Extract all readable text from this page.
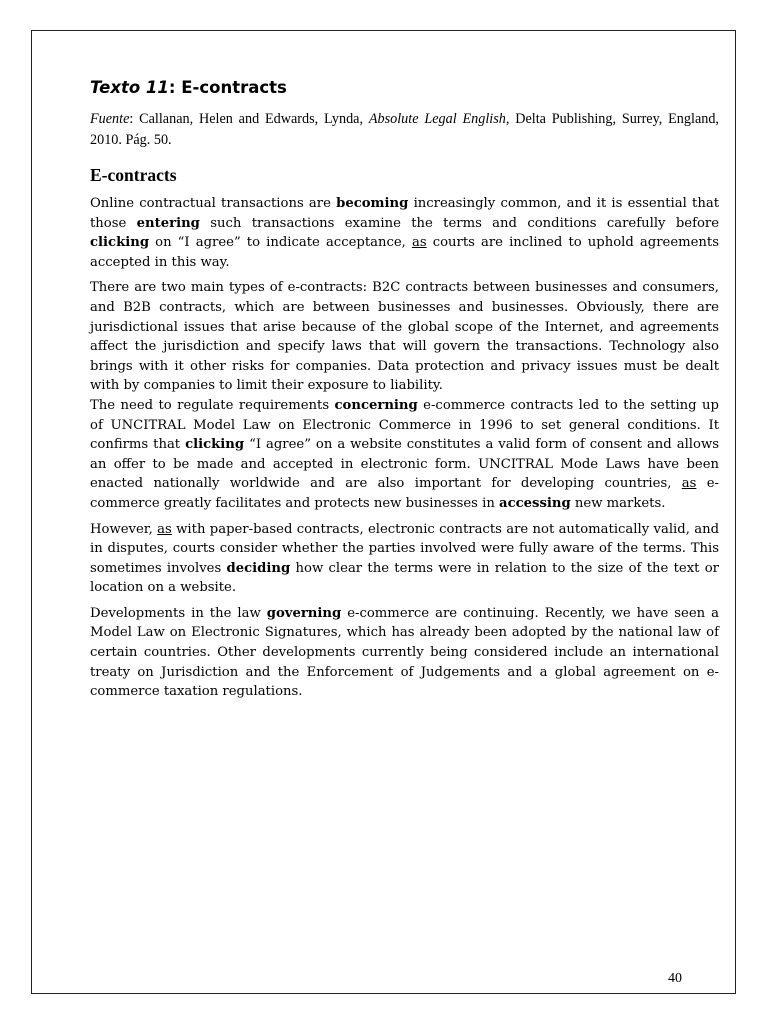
Texto 11: E-contracts
Fuente: Callanan, Helen and Edwards, Lynda, Absolute Legal English, Delta Publishing, Surrey, England, 2010. Pág. 50.
E-contracts

Online contractual transactions are becoming increasingly common, and it is essential that those entering such transactions examine the terms and conditions carefully before clicking on “I agree” to indicate acceptance, as courts are inclined to uphold agreements accepted in this way.

There are two main types of e-contracts: B2C contracts between businesses and consumers, and B2B contracts, which are between businesses and businesses. Obviously, there are jurisdictional issues that arise because of the global scope of the Internet, and agreements affect the jurisdiction and specify laws that will govern the transactions. Technology also brings with it other risks for companies. Data protection and privacy issues must be dealt with by companies to limit their exposure to liability.

The need to regulate requirements concerning e-commerce contracts led to the setting up of UNCITRAL Model Law on Electronic Commerce in 1996 to set general conditions. It confirms that clicking “I agree” on a website constitutes a valid form of consent and allows an offer to be made and accepted in electronic form. UNCITRAL Mode Laws have been enacted nationally worldwide and are also important for developing countries, as e-commerce greatly facilitates and protects new businesses in accessing new markets.

However, as with paper-based contracts, electronic contracts are not automatically valid, and in disputes, courts consider whether the parties involved were fully aware of the terms. This sometimes involves deciding how clear the terms were in relation to the size of the text or location on a website.

Developments in the law governing e-commerce are continuing. Recently, we have seen a Model Law on Electronic Signatures, which has already been adopted by the national law of certain countries. Other developments currently being considered include an international treaty on Jurisdiction and the Enforcement of Judgements and a global agreement on e-commerce taxation regulations.

40
